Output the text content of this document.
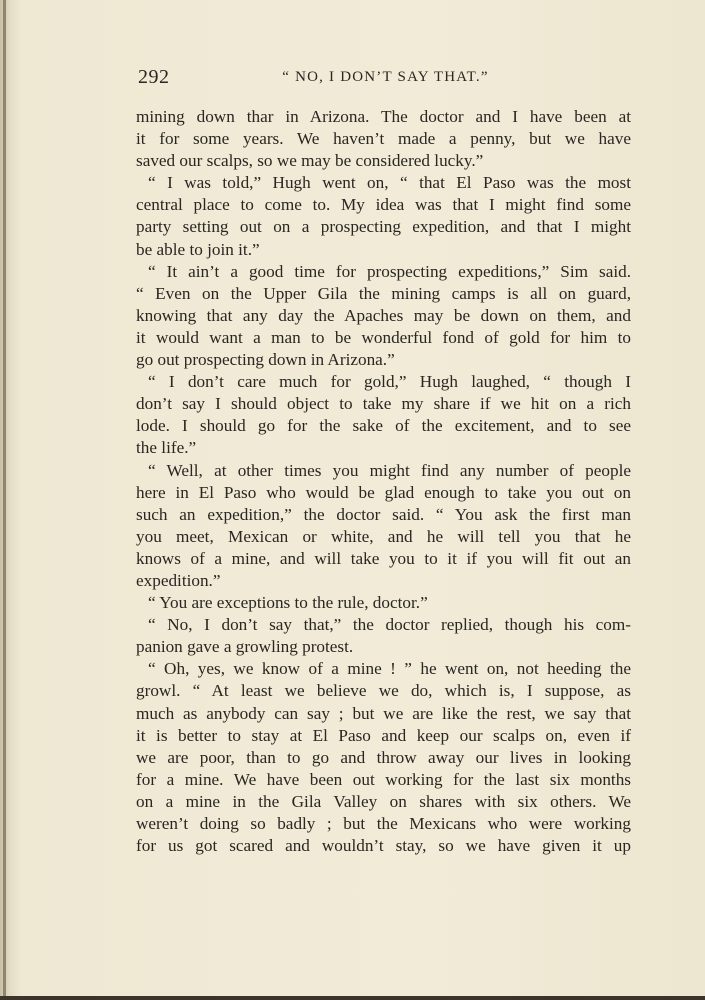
292	“ NO, I DON’T SAY THAT.”
mining down thar in Arizona. The doctor and I have been at
it for some years. We haven’t made a penny, but we have
saved our scalps, so we may be considered lucky.”
“ I was told,” Hugh went on, “ that El Paso was the most
central place to come to. My idea was that I might find some
party setting out on a prospecting expedition, and that I might
be able to join it.”
“ It ain’t a good time for prospecting expeditions,” Sim said.
“ Even on the Upper Gila the mining camps is all on guard,
knowing that any day the Apaches may be down on them, and
it would want a man to be wonderful fond of gold for him to
go out prospecting down in Arizona.”
“ I don’t care much for gold,” Hugh laughed, “ though I
don’t say I should object to take my share if we hit on a rich
lode. I should go for the sake of the excitement, and to see
the life.”
“ Well, at other times you might find any number of people
here in El Paso who would be glad enough to take you out on
such an expedition,” the doctor said. “ You ask the first man
you meet, Mexican or white, and he will tell you that he
knows of a mine, and will take you to it if you will fit out an
expedition.”
“ You are exceptions to the rule, doctor.”
“ No, I don’t say that,” the doctor replied, though his com-
panion gave a growling protest.
“ Oh, yes, we know of a mine ! ” he went on, not heeding the
growl. “ At least we believe we do, which is, I suppose, as
much as anybody can say ; but we are like the rest, we say that
it is better to stay at El Paso and keep our scalps on, even if
we are poor, than to go and throw away our lives in looking
for a mine. We have been out working for the last six months
on a mine in the Gila Valley on shares with six others. We
weren’t doing so badly ; but the Mexicans who were working
for us got scared and wouldn’t stay, so we have given it up
